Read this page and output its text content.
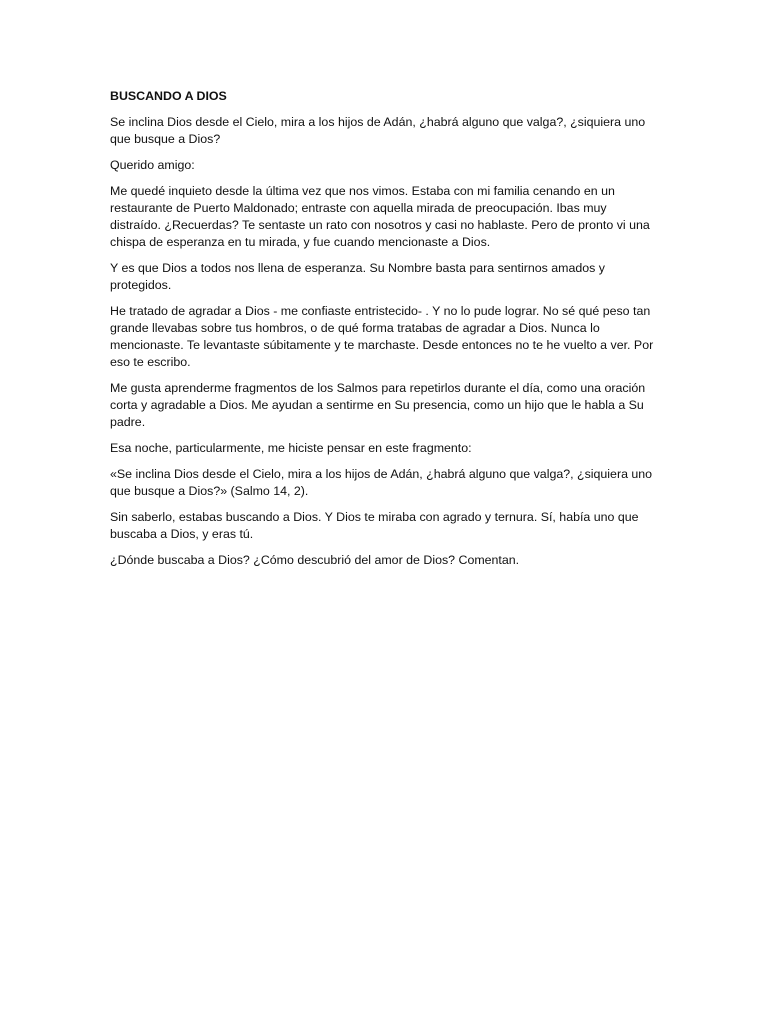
BUSCANDO A DIOS

Se inclina Dios desde el Cielo, mira a los hijos de Adán, ¿habrá alguno que valga?, ¿siquiera uno que busque a Dios?

Querido amigo:

Me quedé inquieto desde la última vez que nos vimos. Estaba con mi familia cenando en un restaurante de Puerto Maldonado; entraste con aquella mirada de preocupación. Ibas muy distraído. ¿Recuerdas? Te sentaste un rato con nosotros y casi no hablaste. Pero de pronto vi una chispa de esperanza en tu mirada, y fue cuando mencionaste a Dios.

Y es que Dios a todos nos llena de esperanza. Su Nombre basta para sentirnos amados y protegidos.

He tratado de agradar a Dios - me confiaste entristecido- . Y no lo pude lograr. No sé qué peso tan grande llevabas sobre tus hombros, o de qué forma tratabas de agradar a Dios. Nunca lo mencionaste. Te levantaste súbitamente y te marchaste. Desde entonces no te he vuelto a ver. Por eso te escribo.

Me gusta aprenderme fragmentos de los Salmos para repetirlos durante el día, como una oración corta y agradable a Dios. Me ayudan a sentirme en Su presencia, como un hijo que le habla a Su padre.

Esa noche, particularmente, me hiciste pensar en este fragmento:

«Se inclina Dios desde el Cielo, mira a los hijos de Adán, ¿habrá alguno que valga?, ¿siquiera uno que busque a Dios?» (Salmo 14, 2).

Sin saberlo, estabas buscando a Dios. Y Dios te miraba con agrado y ternura. Sí, había uno que buscaba a Dios, y eras tú.

¿Dónde buscaba a Dios? ¿Cómo descubrió del amor de Dios? Comentan.
